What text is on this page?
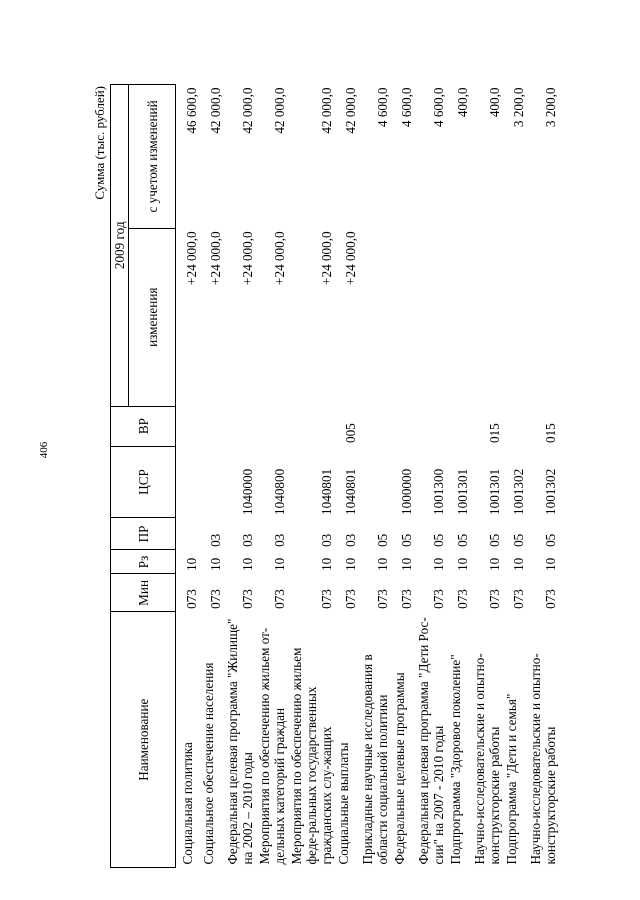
406
Сумма (тыс. рублей)
Наименование	Мин	Рз	ПР	ЦСР	ВР	2009 год	
						изменения	с учетом изменений

Социальная политика	073	10				+24 000,0	46 600,0
Социальное обеспечение населения	073	10	03			+24 000,0	42 000,0
Федеральная целевая программа "Жилище" на 2002 – 2010 годы	073	10	03	1040000		+24 000,0	42 000,0
Мероприятия по обеспечению жильем от-дельных категорий граждан	073	10	03	1040800		+24 000,0	42 000,0
Мероприятия по обеспечению жильем феде-ральных государственных гражданских слу-жащих	073	10	03	1040801		+24 000,0	42 000,0
Социальные выплаты	073	10	03	1040801	005	+24 000,0	42 000,0
Прикладные научные исследования в области социальной политики	073	10	05				4 600,0
Федеральные целевые программы	073	10	05	1000000			4 600,0
Федеральная целевая программа "Дети Рос-сии" на 2007 - 2010 годы	073	10	05	1001300			4 600,0
Подпрограмма "Здоровое поколение"	073	10	05	1001301			400,0
Научно-исследовательские и опытно-конструкторские работы	073	10	05	1001301	015		400,0
Подпрограмма "Дети и семья"	073	10	05	1001302			3 200,0
Научно-исследовательские и опытно-конструкторские работы	073	10	05	1001302	015		3 200,0
